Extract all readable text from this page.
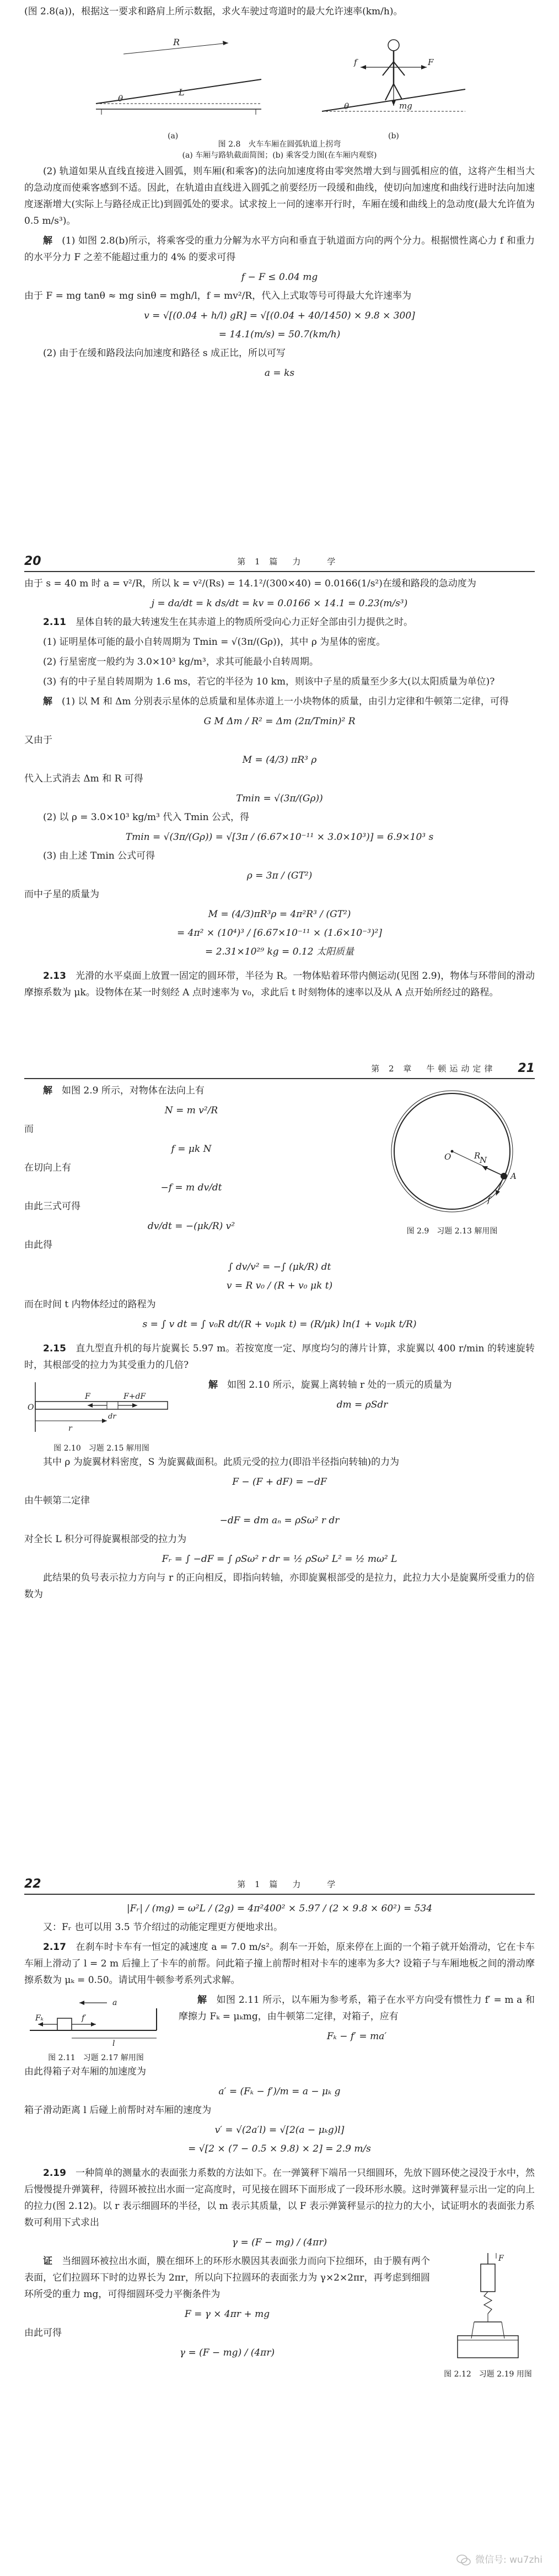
(图 2.8(a))，根据这一要求和路肩上所示数据，求火车驶过弯道时的最大允许速率(km/h)。

R
L
θ
mg
f	F
θ
(a)	(b)
图 2.8　火车车厢在圆弧轨道上拐弯
(a) 车厢与路轨截面简图；(b) 乘客受力图(在车厢内观察)

(2) 轨道如果从直线直接进入圆弧，则车厢(和乘客)的法向加速度将由零突然增大到与圆弧相应的值，这将产生相当大的急动度而使乘客感到不适。因此，在轨道由直线进入圆弧之前要经历一段缓和曲线，使切向加速度和曲线行进时法向加速度逐渐增大(实际上与路径成正比)到圆弧处的要求。试求按上一问的速率开行时，车厢在缓和曲线上的急动度(最大允许值为 0.5 m/s³)。

解　 (1) 如图 2.8(b)所示，将乘客受的重力分解为水平方向和垂直于轨道面方向的两个分力。根据惯性离心力 f 和重力的水平分力 F 之差不能超过重力的 4% 的要求可得

f − F ≤ 0.04 mg

由于 F = mg tanθ ≈ mg sinθ = mgh/l，f = mv²/R，代入上式取等号可得最大允许速率为

v = √[(0.04 + h/l) gR] = √[(0.04 + 40/1450) × 9.8 × 300]
= 14.1(m/s) = 50.7(km/h)

(2) 由于在缓和路段法向加速度和路径 s 成正比，所以可写

a = ks
20	第 1 篇　力　　学

由于 s = 40 m 时 a = v²/R，所以 k = v²/(Rs) = 14.1²/(300×40) = 0.0166(1/s²)在缓和路段的急动度为

j = da/dt = k ds/dt = kv = 0.0166 × 14.1 = 0.23(m/s³)

2.11　 星体自转的最大转速发生在其赤道上的物质所受向心力正好全部由引力提供之时。

(1) 证明星体可能的最小自转周期为 Tmin = √(3π/(Gρ))，其中 ρ 为星体的密度。

(2) 行星密度一般约为 3.0×10³ kg/m³，求其可能最小自转周期。

(3) 有的中子星自转周期为 1.6 ms，若它的半径为 10 km，则该中子星的质量至少多大(以太阳质量为单位)?

解　 (1) 以 M 和 Δm 分别表示星体的总质量和星体赤道上一小块物体的质量，由引力定律和牛顿第二定律，可得

G M Δm / R² = Δm (2π/Tmin)² R

又由于

M = (4/3) πR³ ρ

代入上式消去 Δm 和 R 可得

Tmin = √(3π/(Gρ))

(2) 以 ρ = 3.0×10³ kg/m³ 代入 Tmin 公式，得

Tmin = √(3π/(Gρ)) = √[3π / (6.67×10⁻¹¹ × 3.0×10³)] = 6.9×10³ s

(3) 由上述 Tmin 公式可得

ρ = 3π / (GT²)

而中子星的质量为

M = (4/3)πR³ρ = 4π²R³ / (GT²)
= 4π² × (10⁴)³ / [6.67×10⁻¹¹ × (1.6×10⁻³)²]
= 2.31×10²⁹ kg = 0.12 太阳质量

2.13　 光滑的水平桌面上放置一固定的圆环带，半径为 R。一物体贴着环带内侧运动(见图 2.9)，物体与环带间的滑动摩擦系数为 μk。设物体在某一时刻经 A 点时速率为 v₀，求此后 t 时刻物体的速率以及从 A 点开始所经过的路程。

第 2 章　牛顿运动定律 21

解　 如图 2.9 所示，对物体在法向上有

N = m v²/R

而

f = μk N

在切向上有

−f = m dv/dt

由此三式可得

dv/dt = −(μk/R) v²

由此得

O	R
A
f
N
图 2.9　习题 2.13 解用图
∫ dv/v² = −∫ (μk/R) dt
v = R v₀ / (R + v₀ μk t)

而在时间 t 内物体经过的路程为

s = ∫ v dt = ∫ v₀R dt/(R + v₀μk t) = (R/μk) ln(1 + v₀μk t/R)

2.15　 直九型直升机的每片旋翼长 5.97 m。若按宽度一定、厚度均匀的薄片计算，求旋翼以 400 r/min 的转速旋转时，其根部受的拉力为其受重力的几倍?

F	F+dF
r
dr
O
图 2.10　习题 2.15 解用图

解　 如图 2.10 所示，旋翼上离转轴 r 处的一质元的质量为

dm = ρSdr

其中 ρ 为旋翼材料密度，S 为旋翼截面积。此质元受的拉力(即沿半径指向转轴)的力为

F − (F + dF) = −dF

由牛顿第二定律

−dF = dm aₙ = ρSω² r dr

对全长 L 积分可得旋翼根部受的拉力为

Fᵣ = ∫ −dF = ∫ ρSω² r dr = ½ ρSω² L² = ½ mω² L

此结果的负号表示拉力方向与 r 的正向相反，即指向转轴，亦即旋翼根部受的是拉力，此拉力大小是旋翼所受重力的倍数为

22	第 1 篇　力　　学
|Fᵣ| / (mg) = ω²L / (2g) = 4π²400² × 5.97 / (2 × 9.8 × 60²) = 534

又：Fᵣ 也可以用 3.5 节介绍过的动能定理更方便地求出。

2.17　 在刹车时卡车有一恒定的减速度 a = 7.0 m/s²。刹车一开始，原来停在上面的一个箱子就开始滑动，它在卡车车厢上滑动了 l = 2 m 后撞上了卡车的前帮。问此箱子撞上前帮时相对卡车的速率为多大? 设箱子与车厢地板之间的滑动摩擦系数为 μₖ = 0.50。请试用牛顿参考系列式求解。

a
f′
Fₖ
l
图 2.11　习题 2.17 解用图

解　 如图 2.11 所示，以车厢为参考系，箱子在水平方向受有惯性力 f′ = m a 和摩擦力 Fₖ = μₖmg，由牛顿第二定律，对箱子，应有

Fₖ − f′ = ma′

由此得箱子对车厢的加速度为

a′ = (Fₖ − f′)/m = a − μₖ g

箱子滑动距离 l 后碰上前帮时对车厢的速度为

v′ = √(2a′l) = √[2(a − μₖg)l]
= √[2 × (7 − 0.5 × 9.8) × 2] = 2.9 m/s

2.19　 一种简单的测量水的表面张力系数的方法如下。在一弹簧秤下端吊一只细圆环，先放下圆环使之浸没于水中，然后慢慢提升弹簧秤，待圆环被拉出水面一定高度时，可见接在圆环下面形成了一段环形水膜。这时弹簧秤显示出一定的向上的拉力(图 2.12)。以 r 表示细圆环的半径，以 m 表示其质量，以 F 表示弹簧秤显示的拉力的大小，试证明水的表面张力系数可利用下式求出

γ = (F − mg) / (4πr)

证　 当细圆环被拉出水面，膜在细环上的环形水膜因其表面张力而向下拉细环，由于膜有两个表面，它们拉圆环下时的边界长为 2πr，所以向下拉圆环的表面张力为 γ×2×2πr，再考虑到细圆环所受的重力 mg，可得细圆环受力平衡条件为

F = γ × 4πr + mg

由此可得

γ = (F − mg) / (4πr)
F
图 2.12　习题 2.19 用图
微信号: wu7zhi
